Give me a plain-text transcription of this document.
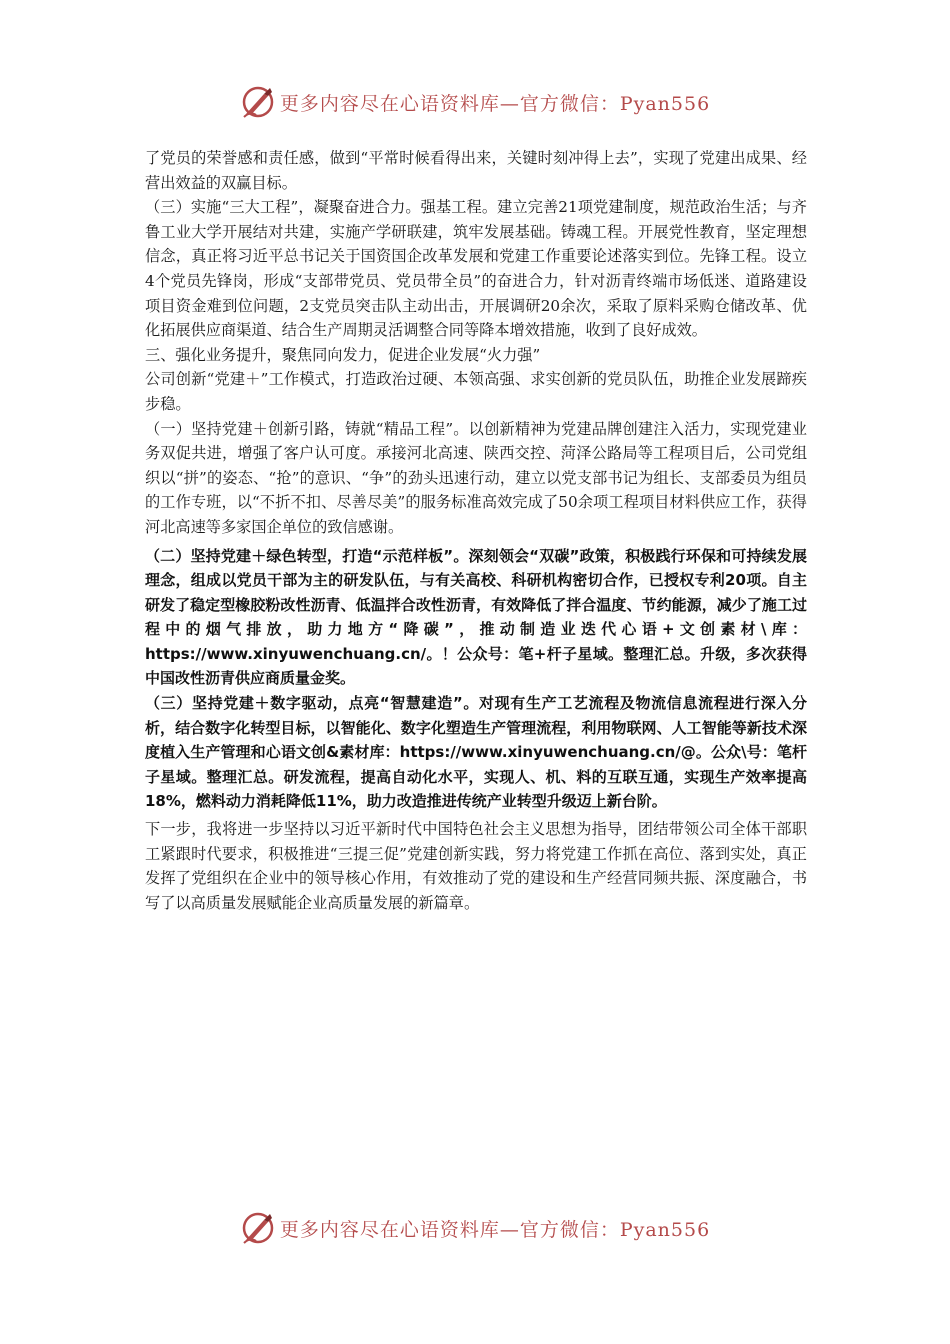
更多内容尽在心语资料库—官方微信：Pyan556

了党员的荣誉感和责任感，做到“平常时候看得出来，关键时刻冲得上去”，实现了党建出成果、经营出效益的双赢目标。

（三）实施“三大工程”，凝聚奋进合力。强基工程。建立完善21项党建制度，规范政治生活；与齐鲁工业大学开展结对共建，实施产学研联建，筑牢发展基础。铸魂工程。开展党性教育，坚定理想信念，真正将习近平总书记关于国资国企改革发展和党建工作重要论述落实到位。先锋工程。设立4个党员先锋岗，形成“支部带党员、党员带全员”的奋进合力，针对沥青终端市场低迷、道路建设项目资金难到位问题，2支党员突击队主动出击，开展调研20余次，采取了原料采购仓储改革、优化拓展供应商渠道、结合生产周期灵活调整合同等降本增效措施，收到了良好成效。

三、强化业务提升，聚焦同向发力，促进企业发展“火力强”

公司创新“党建＋”工作模式，打造政治过硬、本领高强、求实创新的党员队伍，助推企业发展蹄疾步稳。

（一）坚持党建＋创新引路，铸就“精品工程”。以创新精神为党建品牌创建注入活力，实现党建业务双促共进，增强了客户认可度。承接河北高速、陕西交控、菏泽公路局等工程项目后，公司党组织以“拼”的姿态、“抢”的意识、“争”的劲头迅速行动，建立以党支部书记为组长、支部委员为组员的工作专班，以“不折不扣、尽善尽美”的服务标准高效完成了50余项工程项目材料供应工作，获得河北高速等多家国企单位的致信感谢。

（二）坚持党建＋绿色转型，打造“示范样板”。深刻领会“双碳”政策，积极践行环保和可持续发展理念，组成以党员干部为主的研发队伍，与有关高校、科研机构密切合作，已授权专利20项。自主研发了稳定型橡胶粉改性沥青、低温拌合改性沥青，有效降低了拌合温度、节约能源，减少了施工过程中的烟气排放，助力地方“降碳”，推动制造业迭代心语+文创素材\库：https://www.xinyuwenchuang.cn/。！公众号：笔+杆子星域。整理汇总。升级，多次获得中国改性沥青供应商质量金奖。

（三）坚持党建＋数字驱动，点亮“智慧建造”。对现有生产工艺流程及物流信息流程进行深入分析，结合数字化转型目标，以智能化、数字化塑造生产管理流程，利用物联网、人工智能等新技术深度植入生产管理和心语文创&素材库：https://www.xinyuwenchuang.cn/@。公众\号：笔杆子星域。整理汇总。研发流程，提高自动化水平，实现人、机、料的互联互通，实现生产效率提高18%，燃料动力消耗降低11%，助力改造推进传统产业转型升级迈上新台阶。

下一步，我将进一步坚持以习近平新时代中国特色社会主义思想为指导，团结带领公司全体干部职工紧跟时代要求，积极推进“三提三促”党建创新实践，努力将党建工作抓在高位、落到实处，真正发挥了党组织在企业中的领导核心作用，有效推动了党的建设和生产经营同频共振、深度融合，书写了以高质量发展赋能企业高质量发展的新篇章。

更多内容尽在心语资料库—官方微信：Pyan556
